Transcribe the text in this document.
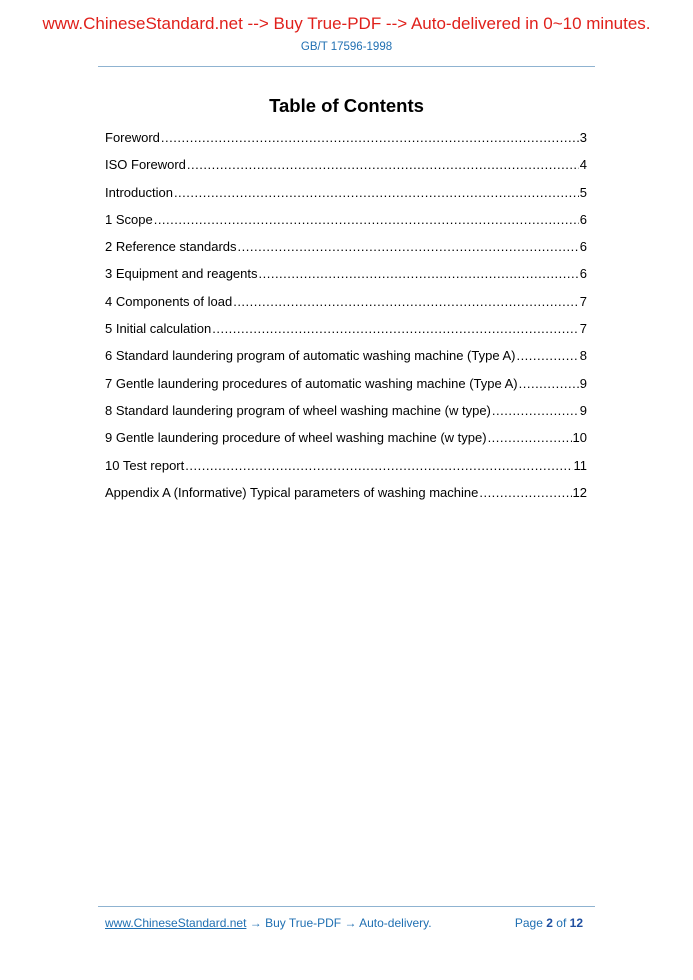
www.ChineseStandard.net --> Buy True-PDF --> Auto-delivered in 0~10 minutes.
GB/T 17596-1998
Table of Contents
Foreword .....	3
ISO Foreword .....	4
Introduction .....	5
1 Scope .....	6
2 Reference standards .....	6
3 Equipment and reagents .....	6
4 Components of load .....	7
5 Initial calculation .....	7
6 Standard laundering program of automatic washing machine (Type A) .....	8
7 Gentle laundering procedures of automatic washing machine (Type A) .....	9
8 Standard laundering program of wheel washing machine (w type) .....	9
9 Gentle laundering procedure of wheel washing machine (w type) .....	10
10 Test report .....	11
Appendix A (Informative) Typical parameters of washing machine .....	12
www.ChineseStandard.net → Buy True-PDF → Auto-delivery.	Page 2 of 12
